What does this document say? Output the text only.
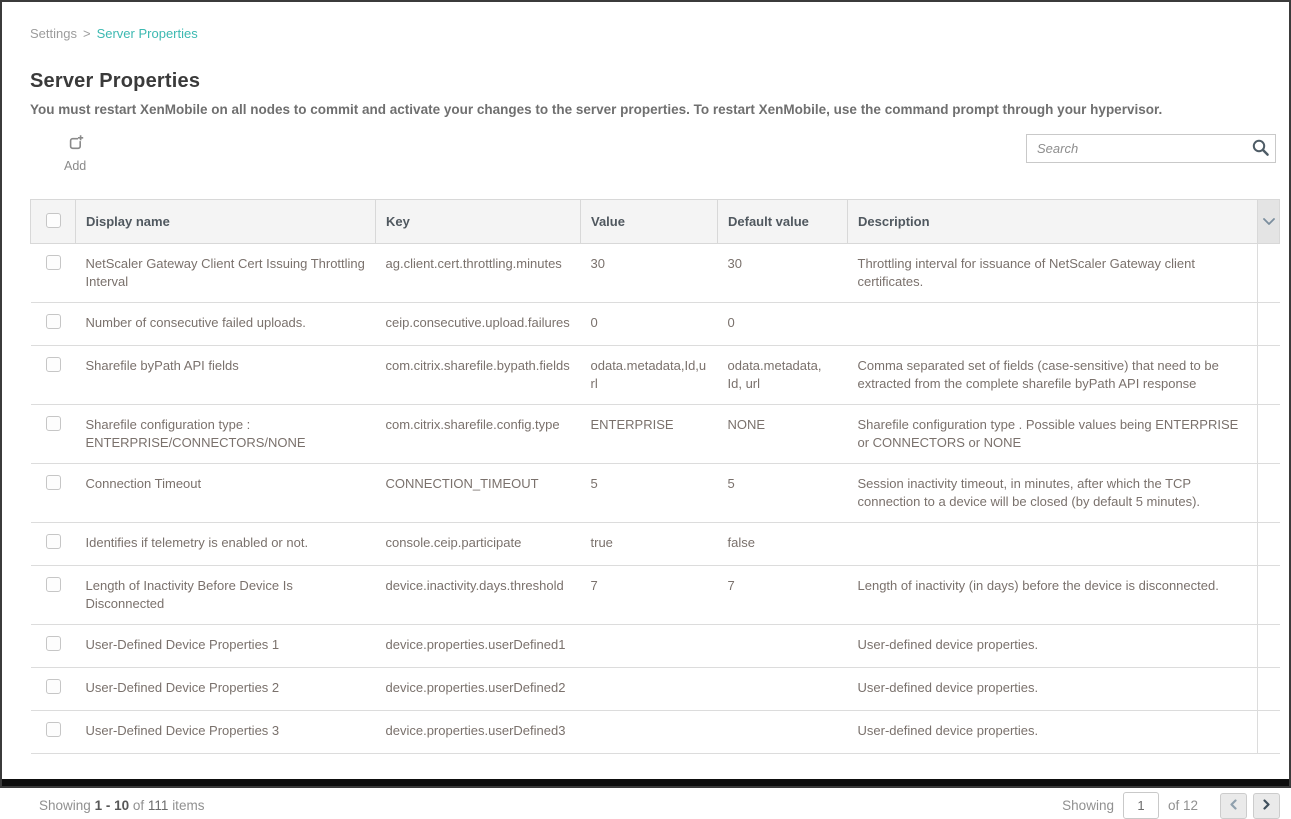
Settings > Server Properties
Server Properties
You must restart XenMobile on all nodes to commit and activate your changes to the server properties. To restart XenMobile, use the command prompt through your hypervisor.
Add
Search
	Display name	Key	Value	Default value	Description	
	NetScaler Gateway Client Cert Issuing Throttling Interval	ag.client.cert.throttling.minutes	30	30	Throttling interval for issuance of NetScaler Gateway client certificates.	
	Number of consecutive failed uploads.	ceip.consecutive.upload.failures	0	0		
	Sharefile byPath API fields	com.citrix.sharefile.bypath.fields	odata.metadata,Id,url	odata.metadata, Id, url	Comma separated set of fields (case-sensitive) that need to be extracted from the complete sharefile byPath API response	
	Sharefile configuration type : ENTERPRISE/CONNECTORS/NONE	com.citrix.sharefile.config.type	ENTERPRISE	NONE	Sharefile configuration type . Possible values being ENTERPRISE or CONNECTORS or NONE	
	Connection Timeout	CONNECTION_TIMEOUT	5	5	Session inactivity timeout, in minutes, after which the TCP connection to a device will be closed (by default 5 minutes).	
	Identifies if telemetry is enabled or not.	console.ceip.participate	true	false		
	Length of Inactivity Before Device Is Disconnected	device.inactivity.days.threshold	7	7	Length of inactivity (in days) before the device is disconnected.	
	User-Defined Device Properties 1	device.properties.userDefined1			User-defined device properties.	
	User-Defined Device Properties 2	device.properties.userDefined2			User-defined device properties.	
	User-Defined Device Properties 3	device.properties.userDefined3			User-defined device properties.	
Showing 1 - 10 of 111 items	Showing
1	of 12
